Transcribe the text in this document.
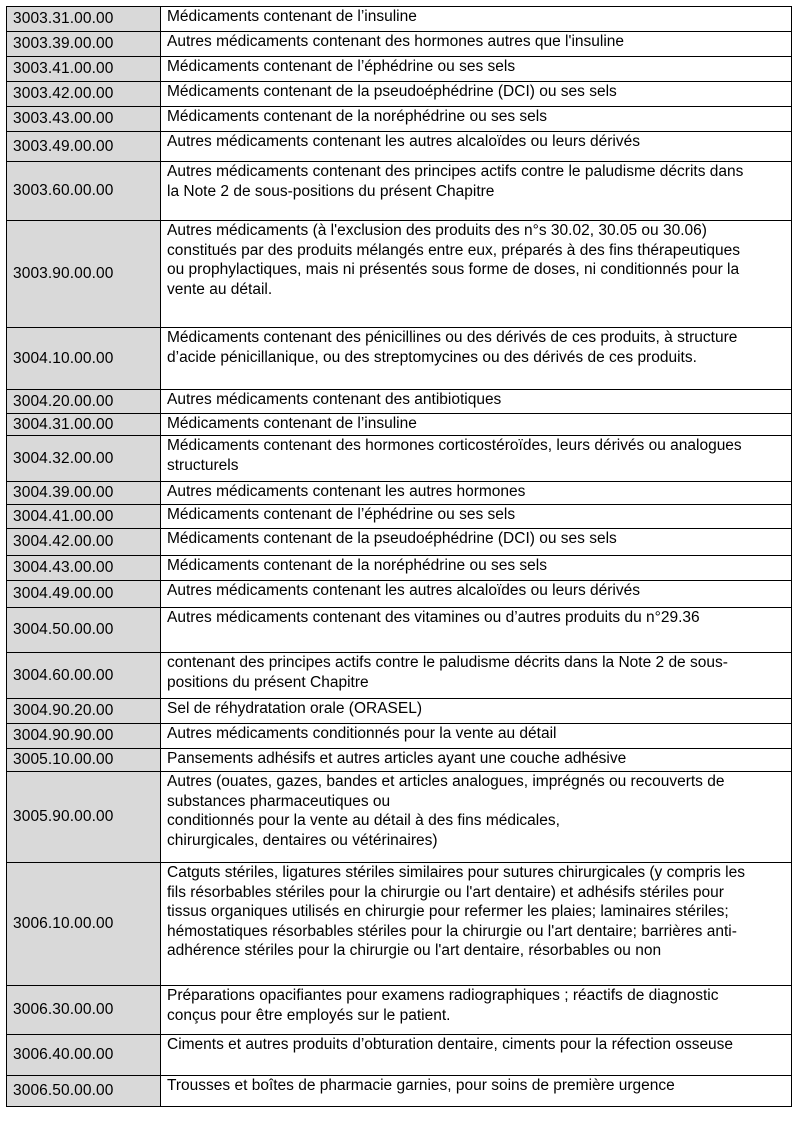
3003.31.00.00	Médicaments contenant de l’insuline

3003.39.00.00	Autres médicaments contenant des hormones autres que l'insuline

3003.41.00.00	Médicaments contenant de l’éphédrine ou ses sels

3003.42.00.00	Médicaments contenant de la pseudoéphédrine (DCI) ou ses sels

3003.43.00.00	Médicaments contenant de la noréphédrine ou ses sels

3003.49.00.00	Autres médicaments contenant les autres alcaloïdes ou leurs dérivés

3003.60.00.00	Autres médicaments contenant des principes actifs contre le paludisme décrits dans
la Note 2 de sous-positions du présent Chapitre

3003.90.00.00	Autres médicaments (à l'exclusion des produits des n°s 30.02, 30.05 ou 30.06)
constitués par des produits mélangés entre eux, préparés à des fins thérapeutiques
ou prophylactiques, mais ni présentés sous forme de doses, ni conditionnés pour la
vente au détail.

3004.10.00.00	Médicaments contenant des pénicillines ou des dérivés de ces produits, à structure
d’acide pénicillanique, ou des streptomycines ou des dérivés de ces produits.

3004.20.00.00	Autres médicaments contenant des antibiotiques

3004.31.00.00	Médicaments contenant de l’insuline

3004.32.00.00	Médicaments contenant des hormones corticostéroïdes, leurs dérivés ou analogues
structurels

3004.39.00.00	Autres médicaments contenant les autres hormones

3004.41.00.00	Médicaments contenant de l’éphédrine ou ses sels

3004.42.00.00	Médicaments contenant de la pseudoéphédrine (DCI) ou ses sels

3004.43.00.00	Médicaments contenant de la noréphédrine ou ses sels

3004.49.00.00	Autres médicaments contenant les autres alcaloïdes ou leurs dérivés

3004.50.00.00	Autres médicaments contenant des vitamines ou d’autres produits du n°29.36

3004.60.00.00	contenant des principes actifs contre le paludisme décrits dans la Note 2 de sous-
positions du présent Chapitre

3004.90.20.00	Sel de réhydratation orale (ORASEL)

3004.90.90.00	Autres médicaments conditionnés pour la vente au détail

3005.10.00.00	Pansements adhésifs et autres articles ayant une couche adhésive

3005.90.00.00	Autres (ouates, gazes, bandes et articles analogues, imprégnés ou recouverts de
substances pharmaceutiques ou
conditionnés pour la vente au détail à des fins médicales,
chirurgicales, dentaires ou vétérinaires)

3006.10.00.00	Catguts stériles, ligatures stériles similaires pour sutures chirurgicales (y compris les
fils résorbables stériles pour la chirurgie ou l'art dentaire) et adhésifs stériles pour
tissus organiques utilisés en chirurgie pour refermer les plaies; laminaires stériles;
hémostatiques résorbables stériles pour la chirurgie ou l'art dentaire; barrières anti-
adhérence stériles pour la chirurgie ou l'art dentaire, résorbables ou non

3006.30.00.00	Préparations opacifiantes pour examens radiographiques ; réactifs de diagnostic
conçus pour être employés sur le patient.

3006.40.00.00	Ciments et autres produits d’obturation dentaire, ciments pour la réfection osseuse

3006.50.00.00	Trousses et boîtes de pharmacie garnies, pour soins de première urgence
